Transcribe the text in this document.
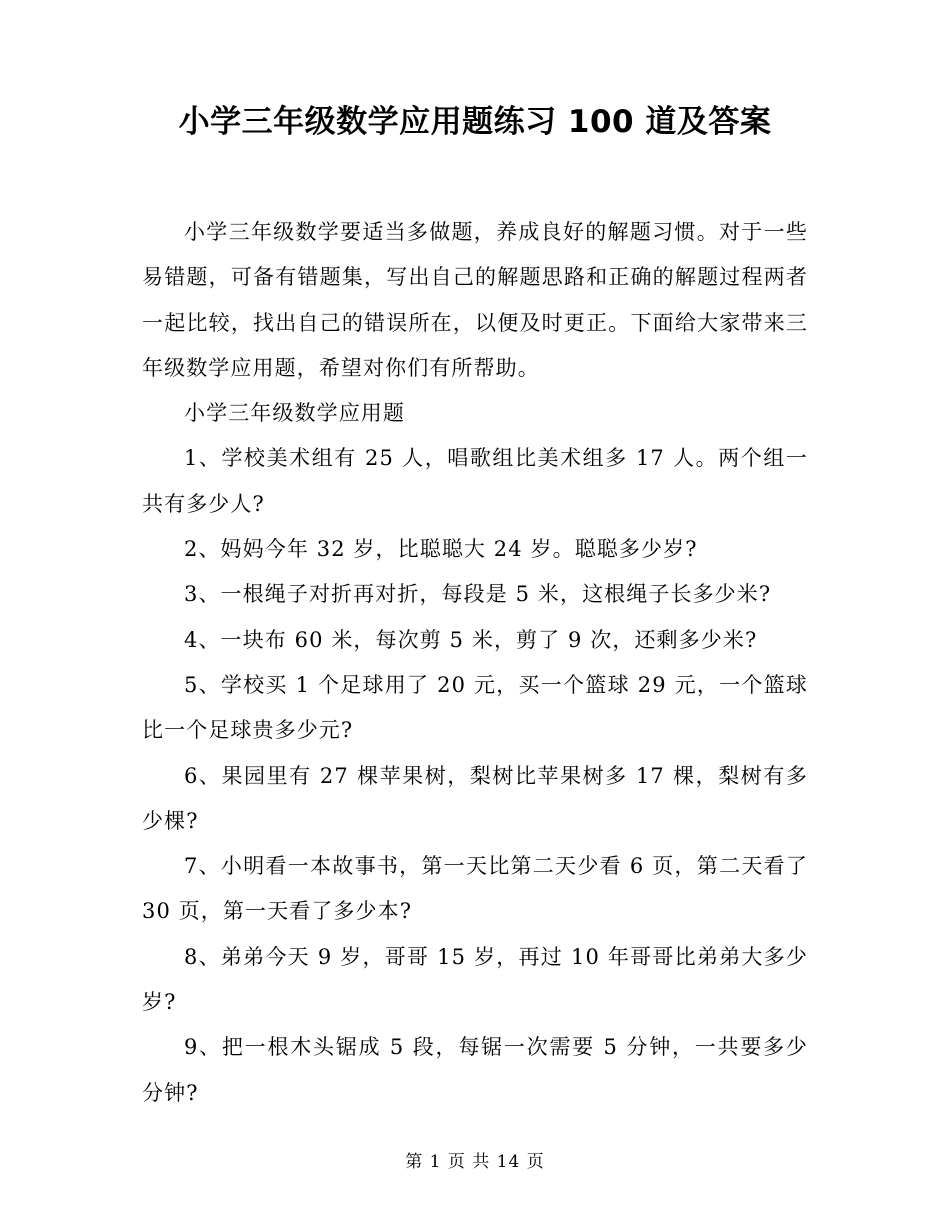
小学三年级数学应用题练习 100 道及答案

小学三年级数学要适当多做题，养成良好的解题习惯。对于一些易错题，可备有错题集，写出自己的解题思路和正确的解题过程两者一起比较，找出自己的错误所在，以便及时更正。下面给大家带来三年级数学应用题，希望对你们有所帮助。

小学三年级数学应用题

1、学校美术组有 25 人，唱歌组比美术组多 17 人。两个组一共有多少人?

2、妈妈今年 32 岁，比聪聪大 24 岁。聪聪多少岁?

3、一根绳子对折再对折，每段是 5 米，这根绳子长多少米?

4、一块布 60 米，每次剪 5 米，剪了 9 次，还剩多少米?

5、学校买 1 个足球用了 20 元，买一个篮球 29 元，一个篮球比一个足球贵多少元?

6、果园里有 27 棵苹果树，梨树比苹果树多 17 棵，梨树有多少棵?

7、小明看一本故事书，第一天比第二天少看 6 页，第二天看了 30 页，第一天看了多少本?

8、弟弟今天 9 岁，哥哥 15 岁，再过 10 年哥哥比弟弟大多少岁?

9、把一根木头锯成 5 段，每锯一次需要 5 分钟，一共要多少分钟?

第 1 页 共 14 页
